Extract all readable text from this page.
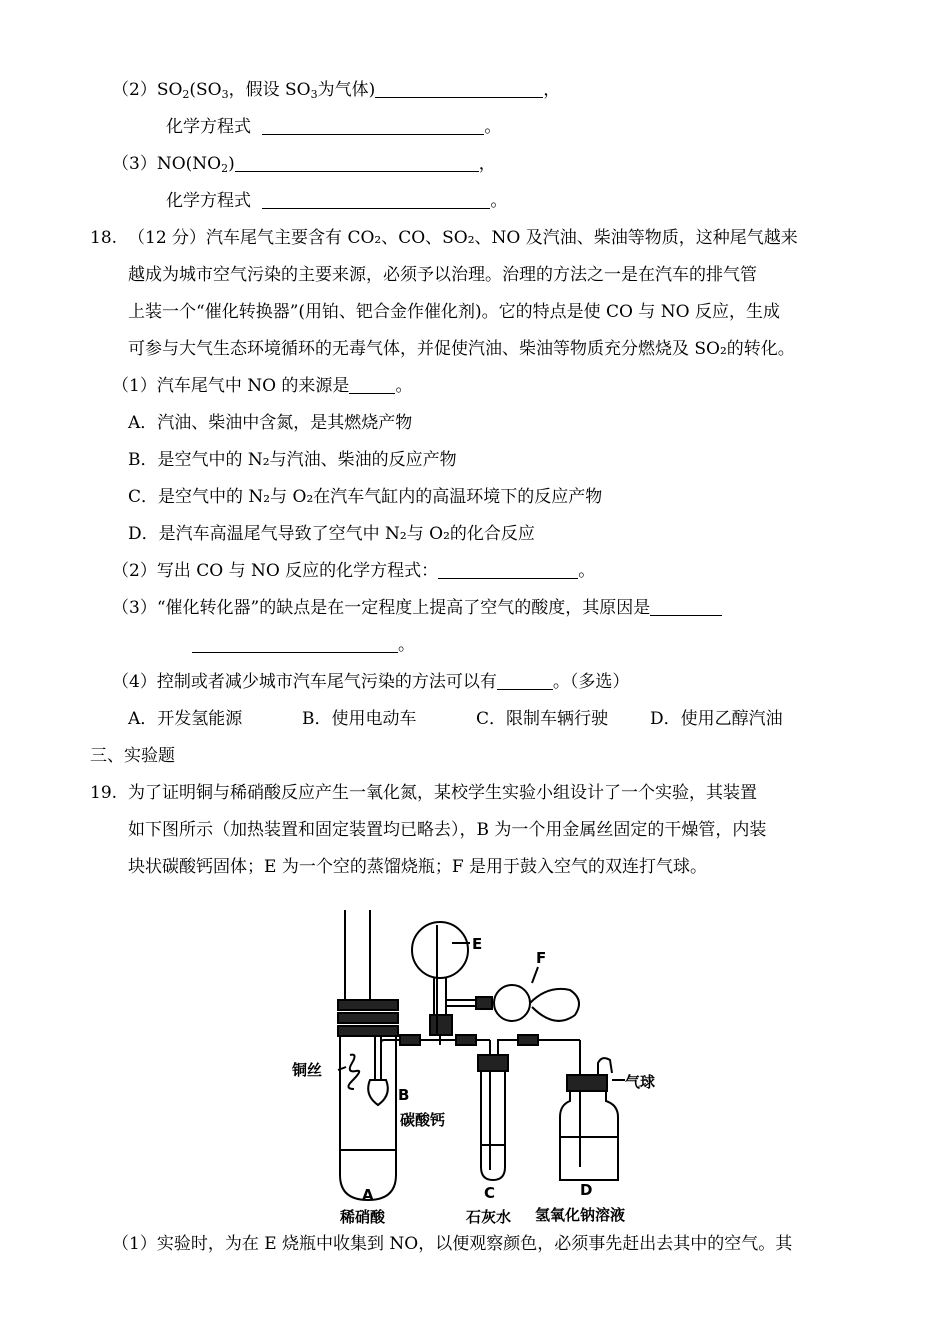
$(2)SO_2(SO_3$，假设 $SO_3$为气体)	，
化学方程式	。
$(3)NO(NO_2)$	，
化学方程式	。
18. （12 分）汽车尾气主要含有 CO₂、CO、SO₂、NO 及汽油、柴油等物质，这种尾气越来
越成为城市空气污染的主要来源，必须予以治理。治理的方法之一是在汽车的排气管
上装一个“催化转换器”(用铂、钯合金作催化剂)。它的特点是使 CO 与 NO 反应，生成
可参与大气生态环境循环的无毒气体，并促使汽油、柴油等物质充分燃烧及 SO₂的转化。
（1）汽车尾气中 NO 的来源是	。
A．汽油、柴油中含氮，是其燃烧产物
B．是空气中的 N₂与汽油、柴油的反应产物
C．是空气中的 N₂与 O₂在汽车气缸内的高温环境下的反应产物
D．是汽车高温尾气导致了空气中 N₂与 O₂的化合反应
（2）写出 CO 与 NO 反应的化学方程式：	。
（3）“催化转化器”的缺点是在一定程度上提高了空气的酸度，其原因是
。
（4）控制或者减少城市汽车尾气污染的方法可以有	。（多选）
A．开发氢能源	B．使用电动车	C．限制车辆行驶 D．使用乙醇汽油
三、实验题
19. 为了证明铜与稀硝酸反应产生一氧化氮，某校学生实验小组设计了一个实验，其装置
如下图所示（加热装置和固定装置均已略去），B 为一个用金属丝固定的干燥管，内装
块状碳酸钙固体；E 为一个空的蒸馏烧瓶；F 是用于鼓入空气的双连打气球。
E
F
铜丝
B
碳酸钙
气球
A
稀硝酸
C
石灰水
D
氢氧化钠溶液
（1）实验时，为在 E 烧瓶中收集到 NO，以便观察颜色，必须事先赶出去其中的空气。其
